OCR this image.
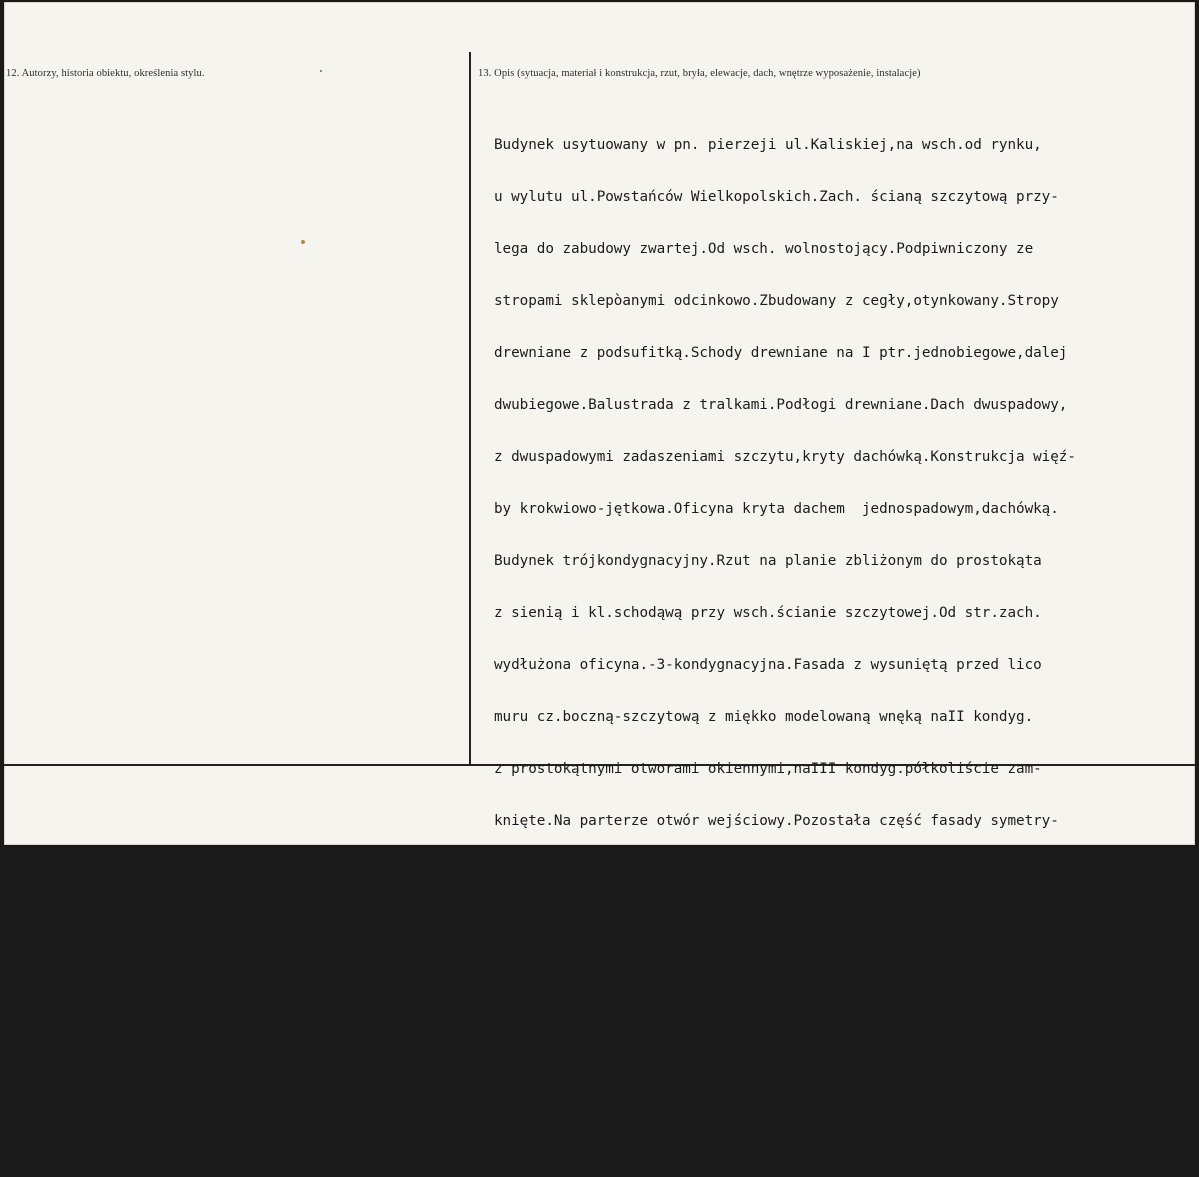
12. Autorzy, historia obiektu, określenia stylu.	13. Opis (sytuacja, materiał i konstrukcja, rzut, bryła, elewacje, dach, wnętrze wyposażenie, instalacje)

Budynek usytuowany w pn. pierzeji ul.Kaliskiej,na wsch.od rynku,

u wylutu ul.Powstańców Wielkopolskich.Zach. ścianą szczytową przy-

lega do zabudowy zwartej.Od wsch. wolnostojący.Podpiwniczony ze

stropami sklepòanymi odcinkowo.Zbudowany z cegły,otynkowany.Stropy

drewniane z podsufitką.Schody drewniane na I ptr.jednobiegowe,dalej

dwubiegowe.Balustrada z tralkami.Podłogi drewniane.Dach dwuspadowy,

z dwuspadowymi zadaszeniami szczytu,kryty dachówką.Konstrukcja więź-

by krokwiowo-jętkowa.Oficyna kryta dachem  jednospadowym,dachówką.

Budynek trójkondygnacyjny.Rzut na planie zbliżonym do prostokąta

z sienią i kl.schodąwą przy wsch.ścianie szczytowej.Od str.zach.

wydłużona oficyna.-3-kondygnacyjna.Fasada z wysuniętą przed lico

muru cz.boczną-szczytową z miękko modelowaną wnęką naII kondyg.

z prostokątnymi otworami okiennymi,naIII kondyg.półkoliście zam-

knięte.Na parterze otwór wejściowy.Pozostała część fasady symetry-

czna z  prostokątnymi otw.okiennymi na parterze,półkoliście zamknię-

tymi na II kondyg. z podłużnym występem na osi gł. z owalnym okien-

kiem w zwieńczeniu.Na II kondyg. balkon zdek.kratą.Okna dwuskrzydło-

we,skrzynkowe.Elewacje tylna,szczytowa i oficyny bez podziałów ar-

chitektonicznych.

Instalacje- wod.-kan.,elektr.,gazowa,piece kaflowe.
